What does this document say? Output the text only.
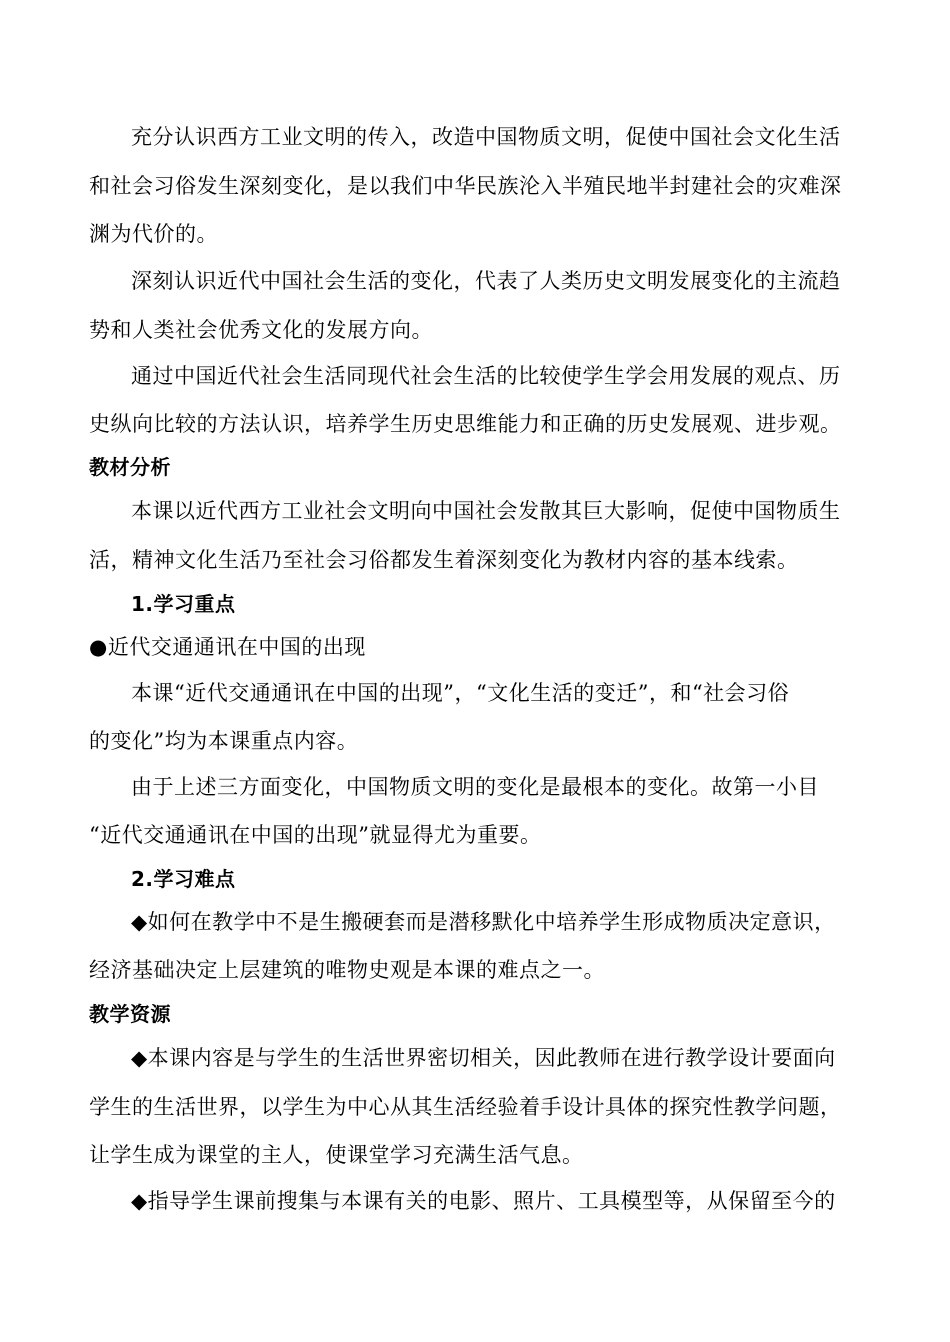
充分认识西方工业文明的传入，改造中国物质文明，促使中国社会文化生活
和社会习俗发生深刻变化，是以我们中华民族沦入半殖民地半封建社会的灾难深
渊为代价的。
深刻认识近代中国社会生活的变化，代表了人类历史文明发展变化的主流趋
势和人类社会优秀文化的发展方向。
通过中国近代社会生活同现代社会生活的比较使学生学会用发展的观点、历
史纵向比较的方法认识，培养学生历史思维能力和正确的历史发展观、进步观。
教材分析
本课以近代西方工业社会文明向中国社会发散其巨大影响，促使中国物质生
活，精神文化生活乃至社会习俗都发生着深刻变化为教材内容的基本线索。
1.学习重点
●近代交通通讯在中国的出现
本课“近代交通通讯在中国的出现”，“文化生活的变迁”，和“社会习俗
的变化”均为本课重点内容。
由于上述三方面变化，中国物质文明的变化是最根本的变化。故第一小目
“近代交通通讯在中国的出现”就显得尤为重要。
2.学习难点
◆如何在教学中不是生搬硬套而是潜移默化中培养学生形成物质决定意识，
经济基础决定上层建筑的唯物史观是本课的难点之一。
教学资源
◆本课内容是与学生的生活世界密切相关，因此教师在进行教学设计要面向
学生的生活世界，以学生为中心从其生活经验着手设计具体的探究性教学问题，
让学生成为课堂的主人，使课堂学习充满生活气息。
◆指导学生课前搜集与本课有关的电影、照片、工具模型等，从保留至今的
